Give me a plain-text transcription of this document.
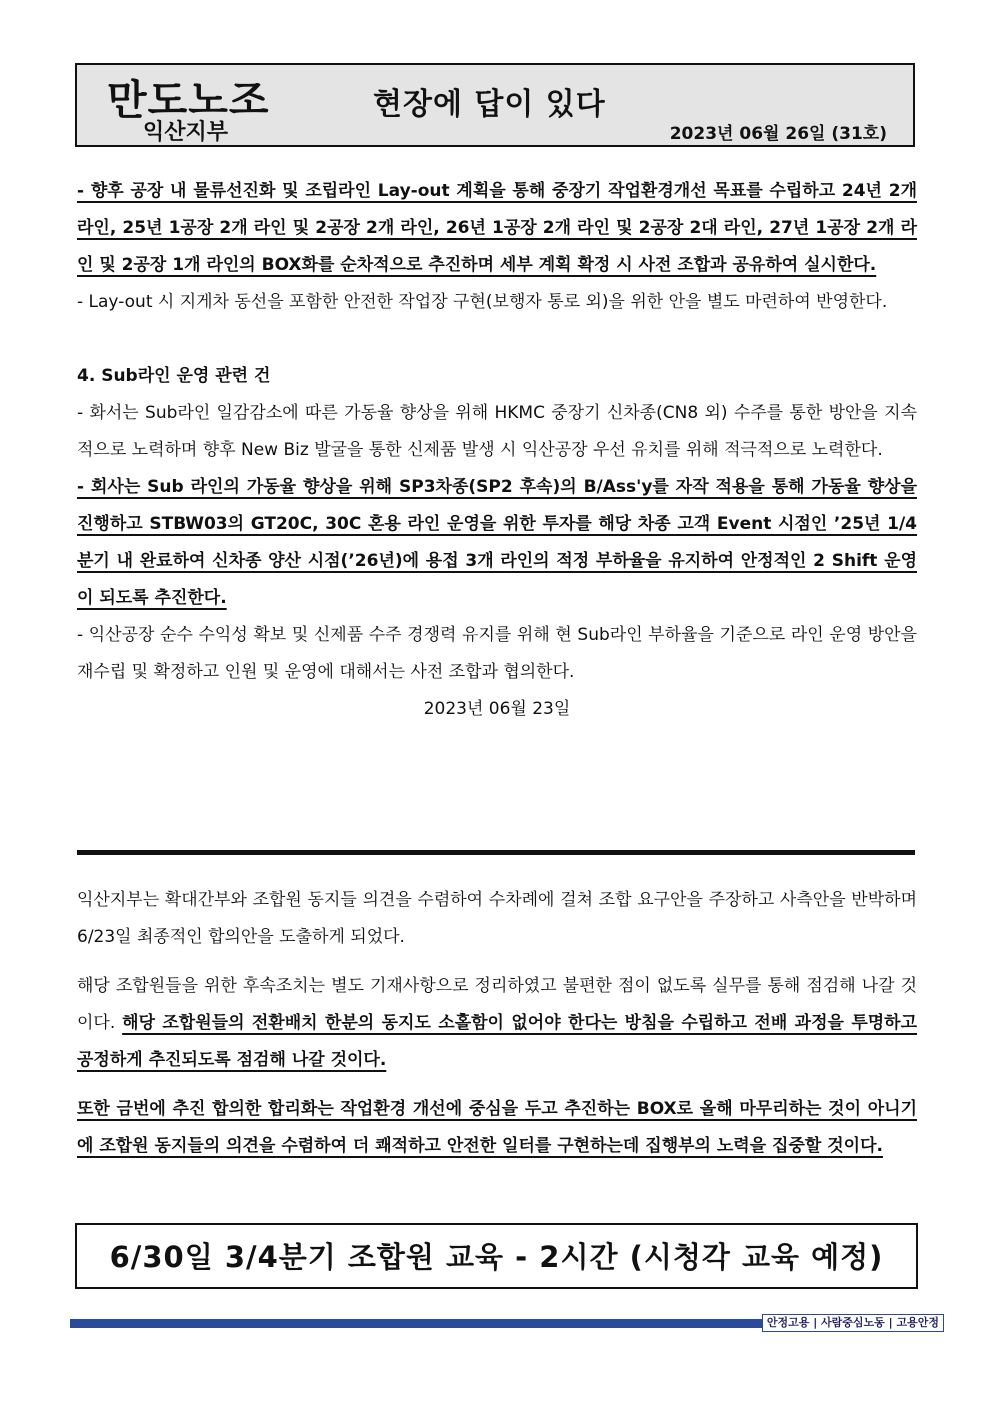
만도노조
익산지부
현장에 답이 있다
2023년 06월 26일 (31호)

- 향후 공장 내 물류선진화 및 조립라인 Lay-out 계획을 통해 중장기 작업환경개선 목표를 수립하고 24년 2개 라인, 25년 1공장 2개 라인 및 2공장 2개 라인, 26년 1공장 2개 라인 및 2공장 2대 라인, 27년 1공장 2개 라인 및 2공장 1개 라인의 BOX화를 순차적으로 추진하며 세부 계획 확정 시 사전 조합과 공유하여 실시한다.

- Lay-out 시 지게차 동선을 포함한 안전한 작업장 구현(보행자 통로 외)을 위한 안을 별도 마련하여 반영한다.

4. Sub라인 운영 관련 건

- 화서는 Sub라인 일감감소에 따른 가동율 향상을 위해 HKMC 중장기 신차종(CN8 외) 수주를 통한 방안을 지속적으로 노력하며 향후 New Biz 발굴을 통한 신제품 발생 시 익산공장 우선 유치를 위해 적극적으로 노력한다.

- 회사는 Sub 라인의 가동율 향상을 위해 SP3차종(SP2 후속)의 B/Ass'y를 자작 적용을 통해 가동율 향상을 진행하고 STBW03의 GT20C, 30C 혼용 라인 운영을 위한 투자를 해당 차종 고객 Event 시점인 ’25년 1/4분기 내 완료하여 신차종 양산 시점(’26년)에 용접 3개 라인의 적정 부하율을 유지하여 안정적인 2 Shift 운영이 되도록 추진한다.

- 익산공장 순수 수익성 확보 및 신제품 수주 경쟁력 유지를 위해 현 Sub라인 부하율을 기준으로 라인 운영 방안을 재수립 및 확정하고 인원 및 운영에 대해서는 사전 조합과 협의한다.

2023년 06월 23일

익산지부는 확대간부와 조합원 동지들 의견을 수렴하여 수차례에 걸쳐 조합 요구안을 주장하고 사측안을 반박하며 6/23일 최종적인 합의안을 도출하게 되었다.

해당 조합원들을 위한 후속조치는 별도 기재사항으로 정리하였고 불편한 점이 없도록 실무를 통해 점검해 나갈 것이다. 해당 조합원들의 전환배치 한분의 동지도 소홀함이 없어야 한다는 방침을 수립하고 전배 과정을 투명하고 공정하게 추진되도록 점검해 나갈 것이다.

또한 금번에 추진 합의한 합리화는 작업환경 개선에 중심을 두고 추진하는 BOX로 올해 마무리하는 것이 아니기에 조합원 동지들의 의견을 수렴하여 더 쾌적하고 안전한 일터를 구현하는데 집행부의 노력을 집중할 것이다.

6/30일 3/4분기 조합원 교육 - 2시간 (시청각 교육 예정)
안정고용 | 사람중심노동 | 고용안정
